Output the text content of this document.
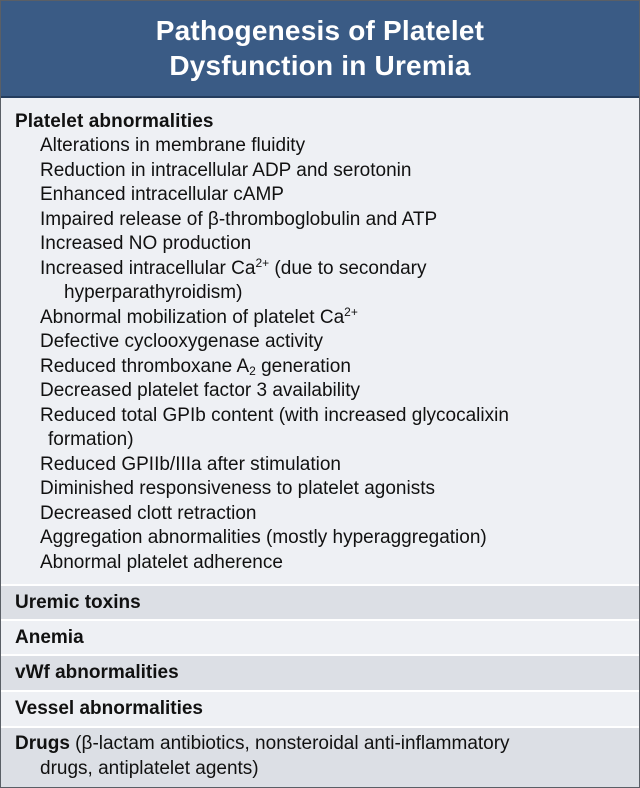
Pathogenesis of Platelet
Dysfunction in Uremia
Platelet abnormalities
Alterations in membrane fluidity
Reduction in intracellular ADP and serotonin
Enhanced intracellular cAMP
Impaired release of β-thromboglobulin and ATP
Increased NO production
Increased intracellular $Ca^{2+}$ (due to secondary
hyperparathyroidism)
Abnormal mobilization of platelet $Ca^{2+}$
Defective cyclooxygenase activity
Reduced thromboxane $A_2$ generation
Decreased platelet factor 3 availability
Reduced total GPIb content (with increased glycocalixin
formation)
Reduced GPIIb/IIIa after stimulation
Diminished responsiveness to platelet agonists
Decreased clott retraction
Aggregation abnormalities (mostly hyperaggregation)
Abnormal platelet adherence
Uremic toxins
Anemia
vWf abnormalities
Vessel abnormalities
Drugs (β-lactam antibiotics, nonsteroidal anti-inflammatory
drugs, antiplatelet agents)
